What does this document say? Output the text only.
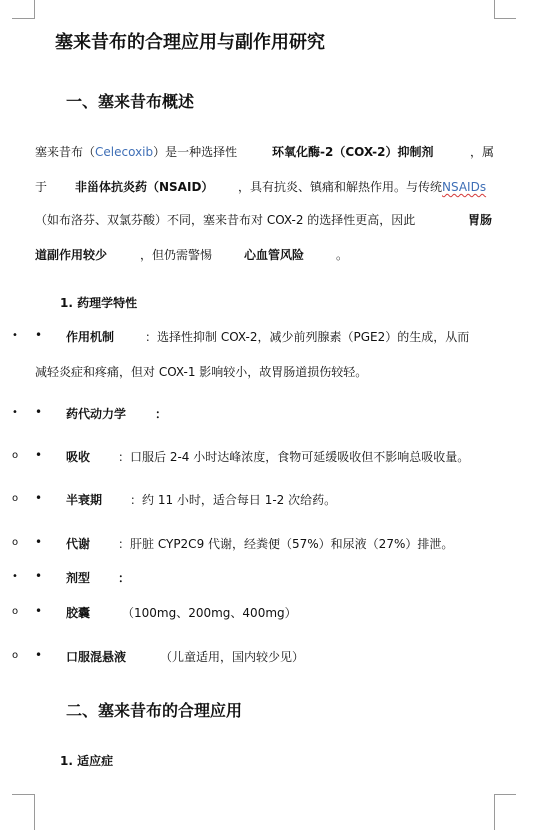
塞来昔布的合理应用与副作用研究
一、塞来昔布概述
塞来昔布（Celecoxib）是一种选择性	环氧化酶-2（COX-2）抑制剂	，属
于 非甾体抗炎药（NSAID） ，具有抗炎、镇痛和解热作用。与传统NSAIDs
（如布洛芬、双氯芬酸）不同，塞来昔布对 COX-2 的选择性更高，因此	胃肠
道副作用较少	，但仍需警惕	心血管风险	。
1. 药理学特性
• • 作用机制	：选择性抑制 COX-2，减少前列腺素（PGE2）的生成，从而
减轻炎症和疼痛，但对 COX-1 影响较小，故胃肠道损伤较轻。
• • 药代动力学 ：
o • 吸收 ：口服后 2-4 小时达峰浓度，食物可延缓吸收但不影响总吸收量。
o • 半衰期 ：约 11 小时，适合每日 1-2 次给药。
o • 代谢 ：肝脏 CYP2C9 代谢，经粪便（57%）和尿液（27%）排泄。
• • 剂型 ：
o • 胶囊	（100mg、200mg、400mg）
o • 口服混悬液	（儿童适用，国内较少见）
二、塞来昔布的合理应用
1. 适应症
